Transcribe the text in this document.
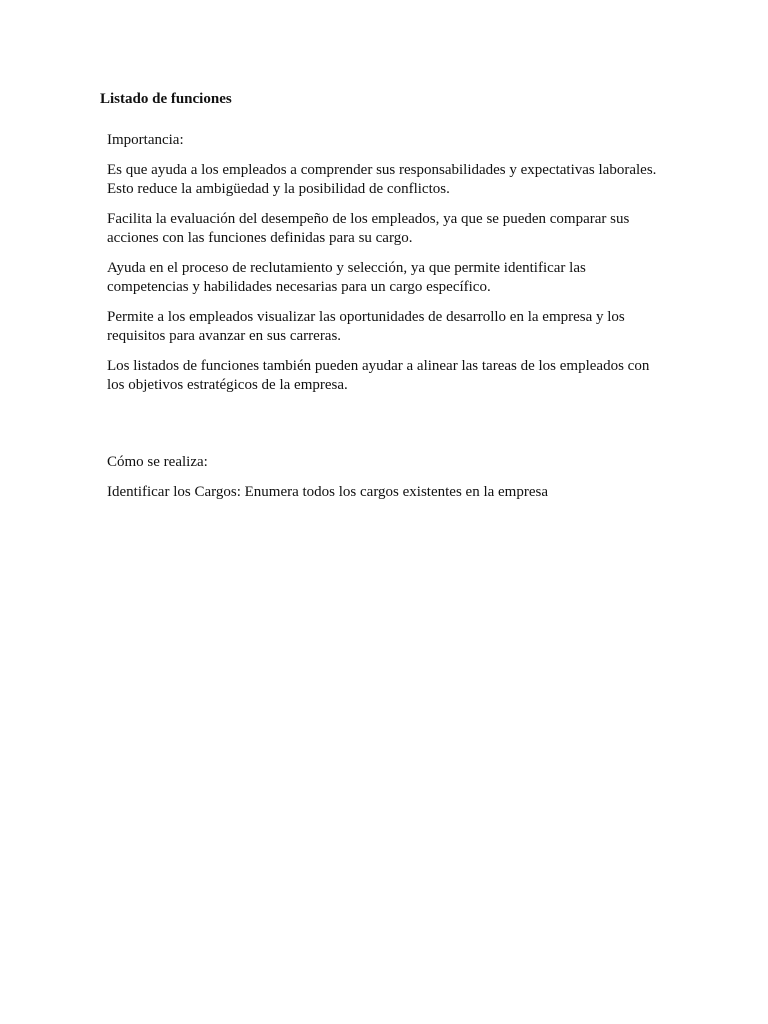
Listado de funciones

Importancia:

Es que ayuda a los empleados a comprender sus responsabilidades y expectativas laborales. Esto reduce la ambigüedad y la posibilidad de conflictos.

Facilita la evaluación del desempeño de los empleados, ya que se pueden comparar sus acciones con las funciones definidas para su cargo.

Ayuda en el proceso de reclutamiento y selección, ya que permite identificar las competencias y habilidades necesarias para un cargo específico.

Permite a los empleados visualizar las oportunidades de desarrollo en la empresa y los requisitos para avanzar en sus carreras.

Los listados de funciones también pueden ayudar a alinear las tareas de los empleados con los objetivos estratégicos de la empresa.

Cómo se realiza:

Identificar los Cargos: Enumera todos los cargos existentes en la empresa
